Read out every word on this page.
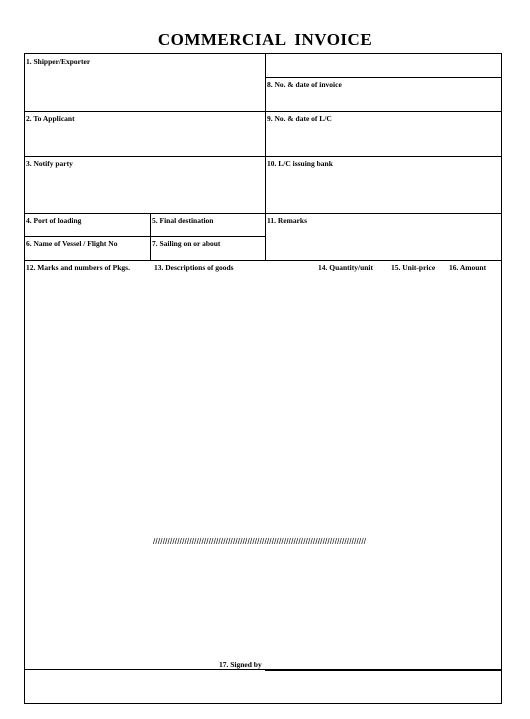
COMMERCIAL INVOICE
1. Shipper/Exporter
8. No. & date of invoice
2. To Applicant	9. No. & date of L/C
3. Notify party	10. L/C issuing bank
4. Port of loading	5. Final destination	11. Remarks
6. Name of Vessel / Flight No	7. Sailing on or about
12. Marks and numbers of Pkgs.	13. Descriptions of goods	14. Quantity/unit 15. Unit-price 16. Amount
////////////////////////////////////////////////////////////////////////////////////////
17. Signed by
